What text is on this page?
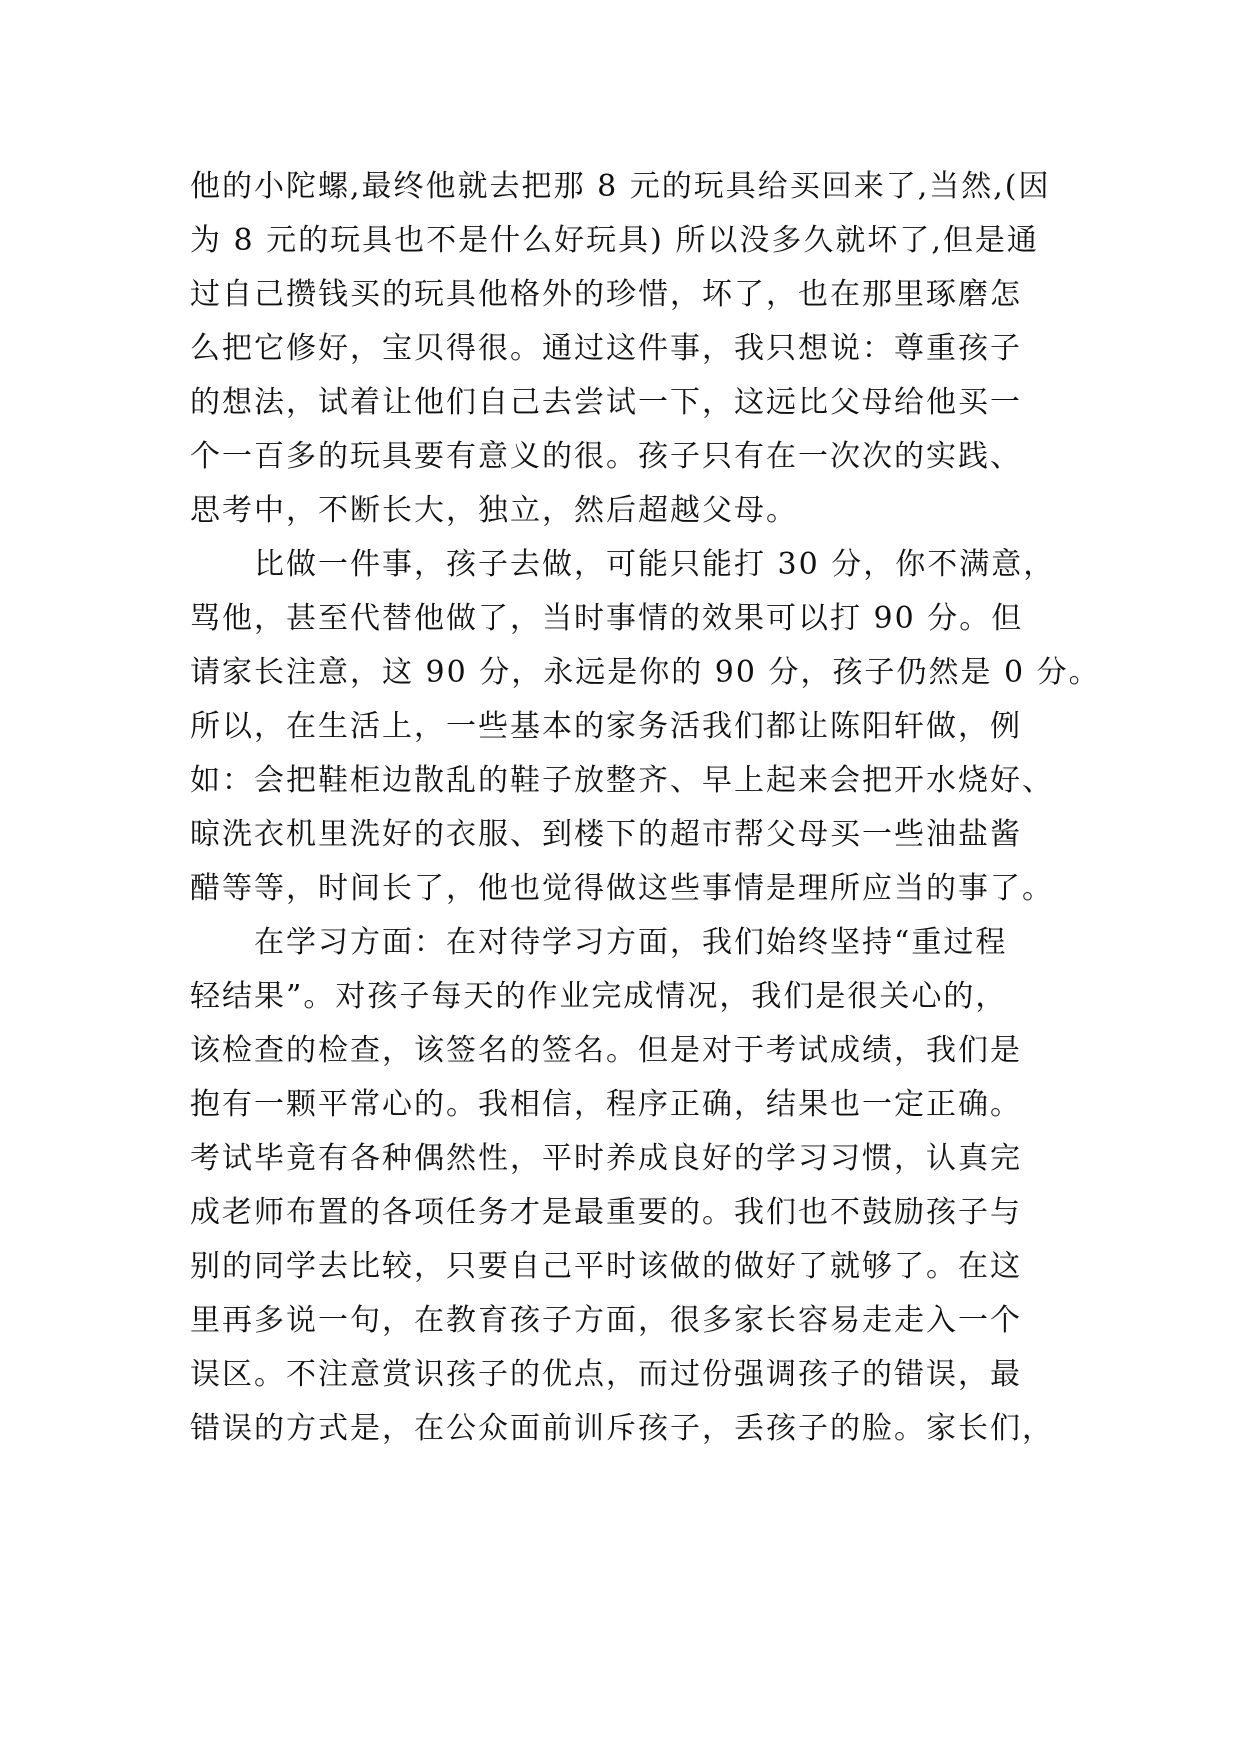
他的小陀螺,最终他就去把那 8 元的玩具给买回来了,当然,(因
为 8 元的玩具也不是什么好玩具) 所以没多久就坏了,但是通
过自己攒钱买的玩具他格外的珍惜，坏了，也在那里琢磨怎
么把它修好，宝贝得很。通过这件事，我只想说：尊重孩子
的想法，试着让他们自己去尝试一下，这远比父母给他买一
个一百多的玩具要有意义的很。孩子只有在一次次的实践、
思考中，不断长大，独立，然后超越父母。

　　比做一件事，孩子去做，可能只能打 30 分，你不满意，
骂他，甚至代替他做了，当时事情的效果可以打 90 分。但
请家长注意，这 90 分，永远是你的 90 分，孩子仍然是 0 分。
所以，在生活上，一些基本的家务活我们都让陈阳轩做，例
如：会把鞋柜边散乱的鞋子放整齐、早上起来会把开水烧好、
晾洗衣机里洗好的衣服、到楼下的超市帮父母买一些油盐酱
醋等等，时间长了，他也觉得做这些事情是理所应当的事了。

　　在学习方面：在对待学习方面，我们始终坚持“重过程
轻结果”。对孩子每天的作业完成情况，我们是很关心的，
该检查的检查，该签名的签名。但是对于考试成绩，我们是
抱有一颗平常心的。我相信，程序正确，结果也一定正确。
考试毕竟有各种偶然性，平时养成良好的学习习惯，认真完
成老师布置的各项任务才是最重要的。我们也不鼓励孩子与
别的同学去比较，只要自己平时该做的做好了就够了。在这
里再多说一句，在教育孩子方面，很多家长容易走走入一个
误区。不注意赏识孩子的优点，而过份强调孩子的错误，最
错误的方式是，在公众面前训斥孩子，丢孩子的脸。家长们，
